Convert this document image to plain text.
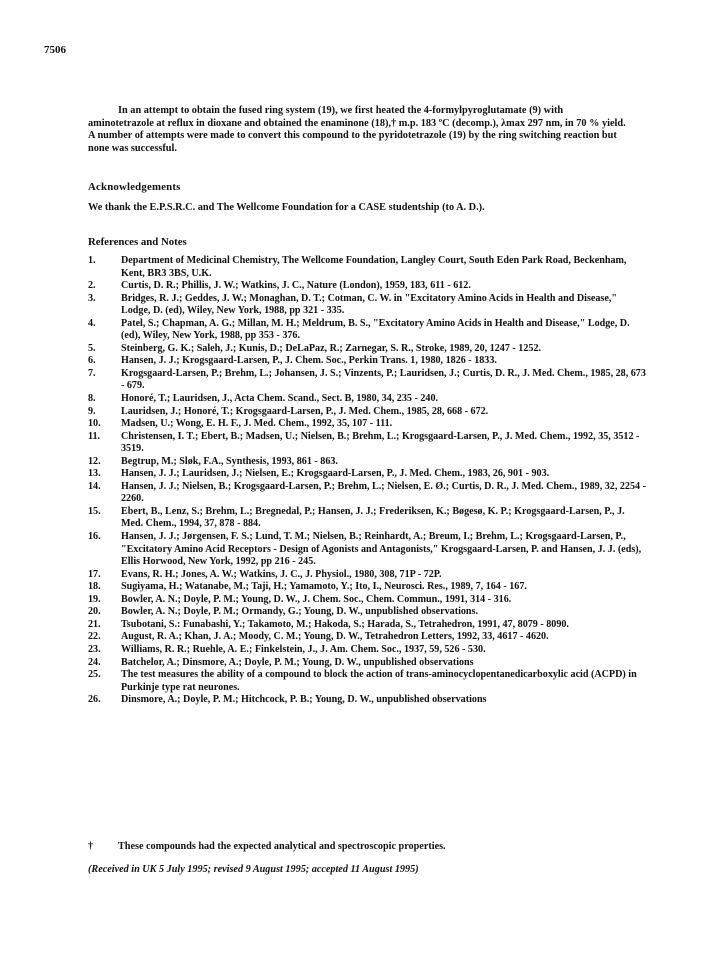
7506

In an attempt to obtain the fused ring system (19), we first heated the 4-formylpyroglutamate (9) with aminotetrazole at reflux in dioxane and obtained the enaminone (18),† m.p. 183 ºC (decomp.), λmax 297 nm, in 70 % yield. A number of attempts were made to convert this compound to the pyridotetrazole (19) by the ring switching reaction but none was successful.

Acknowledgements

We thank the E.P.S.R.C. and The Wellcome Foundation for a CASE studentship (to A. D.).

References and Notes
1.	Department of Medicinal Chemistry, The Wellcome Foundation, Langley Court, South Eden Park Road, Beckenham, Kent, BR3 3BS, U.K.
2.	Curtis, D. R.; Phillis, J. W.; Watkins, J. C., Nature (London), 1959, 183, 611 - 612.
3.	Bridges, R. J.; Geddes, J. W.; Monaghan, D. T.; Cotman, C. W. in "Excitatory Amino Acids in Health and Disease," Lodge, D. (ed), Wiley, New York, 1988, pp 321 - 335.
4.	Patel, S.; Chapman, A. G.; Millan, M. H.; Meldrum, B. S., "Excitatory Amino Acids in Health and Disease," Lodge, D. (ed), Wiley, New York, 1988, pp 353 - 376.
5.	Steinberg, G. K.; Saleh, J.; Kunis, D.; DeLaPaz, R.; Zarnegar, S. R., Stroke, 1989, 20, 1247 - 1252.
6.	Hansen, J. J.; Krogsgaard-Larsen, P., J. Chem. Soc., Perkin Trans. 1, 1980, 1826 - 1833.
7.	Krogsgaard-Larsen, P.; Brehm, L.; Johansen, J. S.; Vinzents, P.; Lauridsen, J.; Curtis, D. R., J. Med. Chem., 1985, 28, 673 - 679.
8.	Honoré, T.; Lauridsen, J., Acta Chem. Scand., Sect. B, 1980, 34, 235 - 240.
9.	Lauridsen, J.; Honoré, T.; Krogsgaard-Larsen, P., J. Med. Chem., 1985, 28, 668 - 672.
10. Madsen, U.; Wong, E. H. F., J. Med. Chem., 1992, 35, 107 - 111.
11. Christensen, I. T.; Ebert, B.; Madsen, U.; Nielsen, B.; Brehm, L.; Krogsgaard-Larsen, P., J. Med. Chem., 1992, 35, 3512 - 3519.
12. Begtrup, M.; Sløk, F.A., Synthesis, 1993, 861 - 863.
13. Hansen, J. J.; Lauridsen, J.; Nielsen, E.; Krogsgaard-Larsen, P., J. Med. Chem., 1983, 26, 901 - 903.
14. Hansen, J. J.; Nielsen, B.; Krogsgaard-Larsen, P.; Brehm, L.; Nielsen, E. Ø.; Curtis, D. R., J. Med. Chem., 1989, 32, 2254 - 2260.
15. Ebert, B., Lenz, S.; Brehm, L.; Bregnedal, P.; Hansen, J. J.; Frederiksen, K.; Bøgesø, K. P.; Krogsgaard-Larsen, P., J. Med. Chem., 1994, 37, 878 - 884.
16. Hansen, J. J.; Jørgensen, F. S.; Lund, T. M.; Nielsen, B.; Reinhardt, A.; Breum, I.; Brehm, L.; Krogsgaard-Larsen, P., "Excitatory Amino Acid Receptors - Design of Agonists and Antagonists," Krogsgaard-Larsen, P. and Hansen, J. J. (eds), Ellis Horwood, New York, 1992, pp 216 - 245.
17. Evans, R. H.; Jones, A. W.; Watkins, J. C., J. Physiol., 1980, 308, 71P - 72P.
18. Sugiyama, H.; Watanabe, M.; Taji, H.; Yamamoto, Y.; Ito, I., Neurosci. Res., 1989, 7, 164 - 167.
19. Bowler, A. N.; Doyle, P. M.; Young, D. W., J. Chem. Soc., Chem. Commun., 1991, 314 - 316.
20. Bowler, A. N.; Doyle, P. M.; Ormandy, G.; Young, D. W., unpublished observations.
21. Tsubotani, S.: Funabashi, Y.; Takamoto, M.; Hakoda, S.; Harada, S., Tetrahedron, 1991, 47, 8079 - 8090.
22. August, R. A.; Khan, J. A.; Moody, C. M.; Young, D. W., Tetrahedron Letters, 1992, 33, 4617 - 4620.
23. Williams, R. R.; Ruehle, A. E.; Finkelstein, J., J. Am. Chem. Soc., 1937, 59, 526 - 530.
24. Batchelor, A.; Dinsmore, A.; Doyle, P. M.; Young, D. W., unpublished observations
25. The test measures the ability of a compound to block the action of trans-aminocyclopentanedicarboxylic acid (ACPD) in Purkinje type rat neurones.
26. Dinsmore, A.; Doyle, P. M.; Hitchcock, P. B.; Young, D. W., unpublished observations

† These compounds had the expected analytical and spectroscopic properties.

(Received in UK 5 July 1995; revised 9 August 1995; accepted 11 August 1995)
